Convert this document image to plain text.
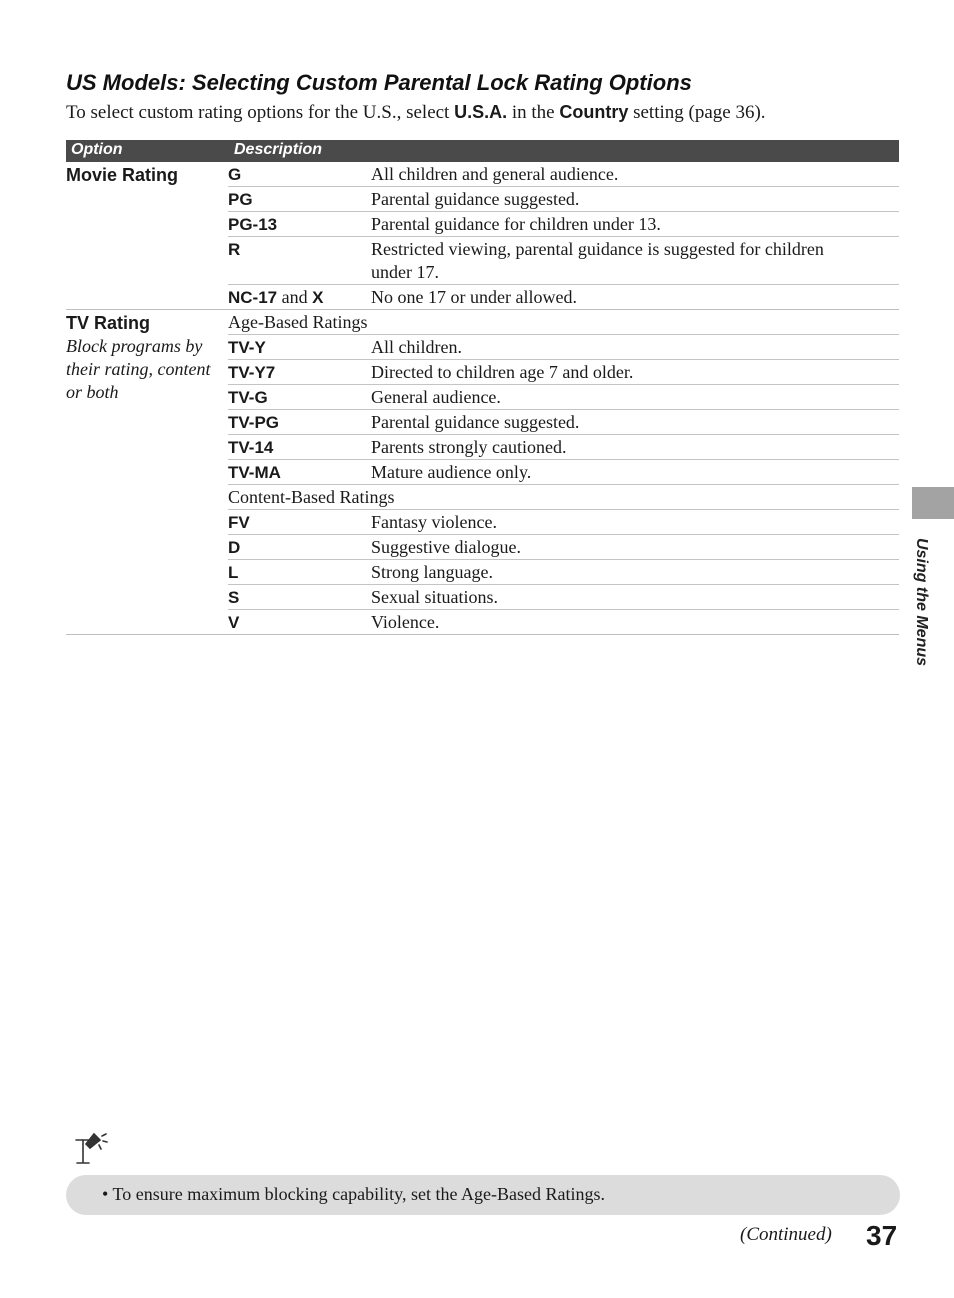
US Models: Selecting Custom Parental Lock Rating Options

To select custom rating options for the U.S., select U.S.A. in the Country setting (page 36).

Option	Description
Movie Rating	G	All children and general audience.
PG	Parental guidance suggested.
PG-13	Parental guidance for children under 13.
R	Restricted viewing, parental guidance is suggested for children under 17.
NC-17 and X	No one 17 or under allowed.
TV Rating
Block programs by their rating, content or both
Age-Based Ratings
TV-Y	All children.
TV-Y7	Directed to children age 7 and older.
TV-G	General audience.
TV-PG	Parental guidance suggested.
TV-14	Parents strongly cautioned.
TV-MA	Mature audience only.
Content-Based Ratings
FV	Fantasy violence.
D	Suggestive dialogue.
L	Strong language.
S	Sexual situations.
V	Violence.	Using the Menus
• To ensure maximum blocking capability, set the Age-Based Ratings.
(Continued) 37
